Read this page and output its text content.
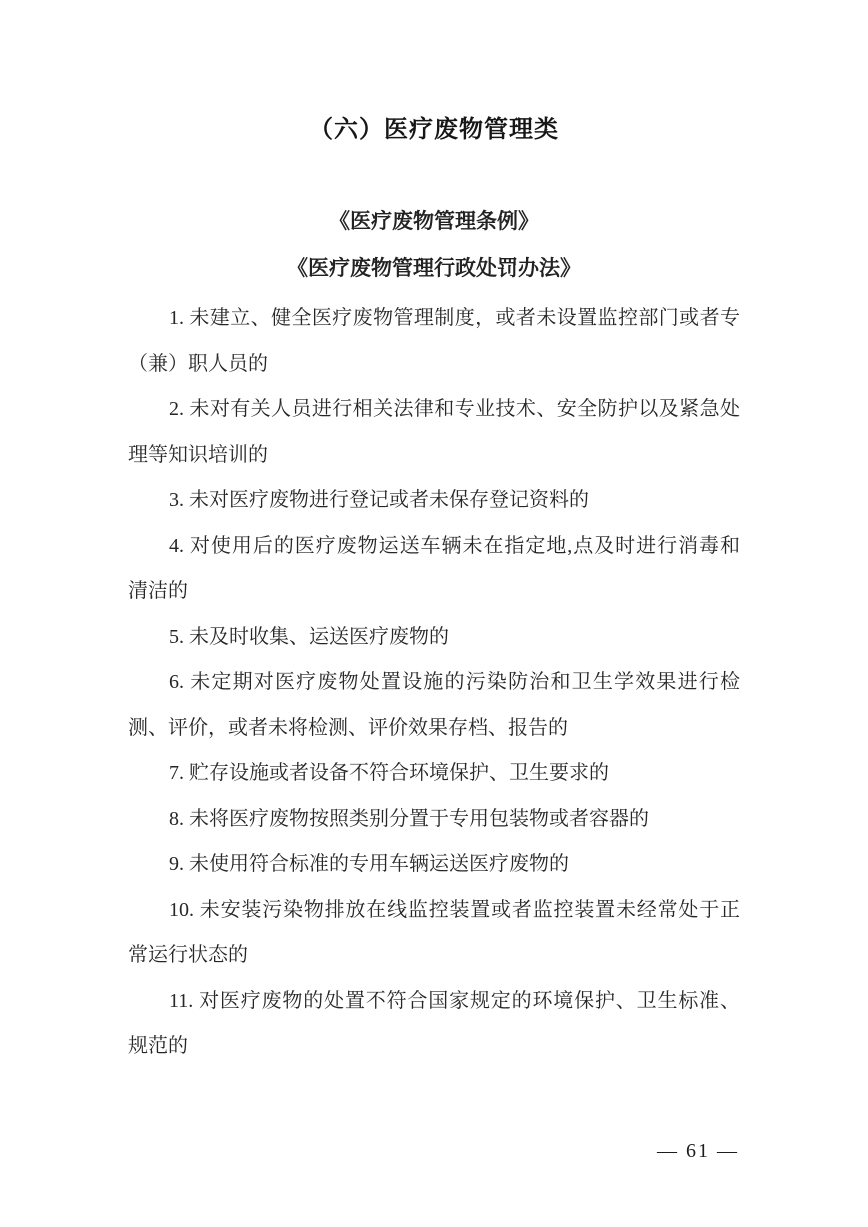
（六）医疗废物管理类
《医疗废物管理条例》
《医疗废物管理行政处罚办法》
1. 未建立、健全医疗废物管理制度，或者未设置监控部门或者专
（兼）职人员的
2. 未对有关人员进行相关法律和专业技术、安全防护以及紧急处
理等知识培训的
3. 未对医疗废物进行登记或者未保存登记资料的
4. 对使用后的医疗废物运送车辆未在指定地,点及时进行消毒和
清洁的
5. 未及时收集、运送医疗废物的
6. 未定期对医疗废物处置设施的污染防治和卫生学效果进行检
测、评价，或者未将检测、评价效果存档、报告的
7. 贮存设施或者设备不符合环境保护、卫生要求的
8. 未将医疗废物按照类别分置于专用包装物或者容器的
9. 未使用符合标准的专用车辆运送医疗废物的
10. 未安装污染物排放在线监控装置或者监控装置未经常处于正
常运行状态的
11. 对医疗废物的处置不符合国家规定的环境保护、卫生标准、
规范的
— 61 —
